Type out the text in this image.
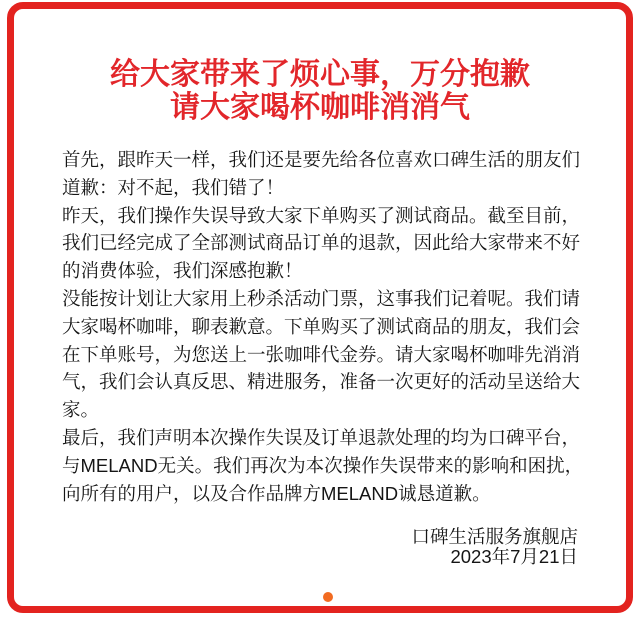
给大家带来了烦心事，万分抱歉
请大家喝杯咖啡消消气

首先，跟昨天一样，我们还是要先给各位喜欢口碑生活的朋友们道歉：对不起，我们错了！

昨天，我们操作失误导致大家下单购买了测试商品。截至目前，我们已经完成了全部测试商品订单的退款，因此给大家带来不好的消费体验，我们深感抱歉！

没能按计划让大家用上秒杀活动门票，这事我们记着呢。我们请大家喝杯咖啡，聊表歉意。下单购买了测试商品的朋友，我们会在下单账号，为您送上一张咖啡代金券。请大家喝杯咖啡先消消气，我们会认真反思、精进服务，准备一次更好的活动呈送给大家。

最后，我们声明本次操作失误及订单退款处理的均为口碑平台，与MELAND无关。我们再次为本次操作失误带来的影响和困扰，向所有的用户，以及合作品牌方MELAND诚恳道歉。

口碑生活服务旗舰店
2023年7月21日
